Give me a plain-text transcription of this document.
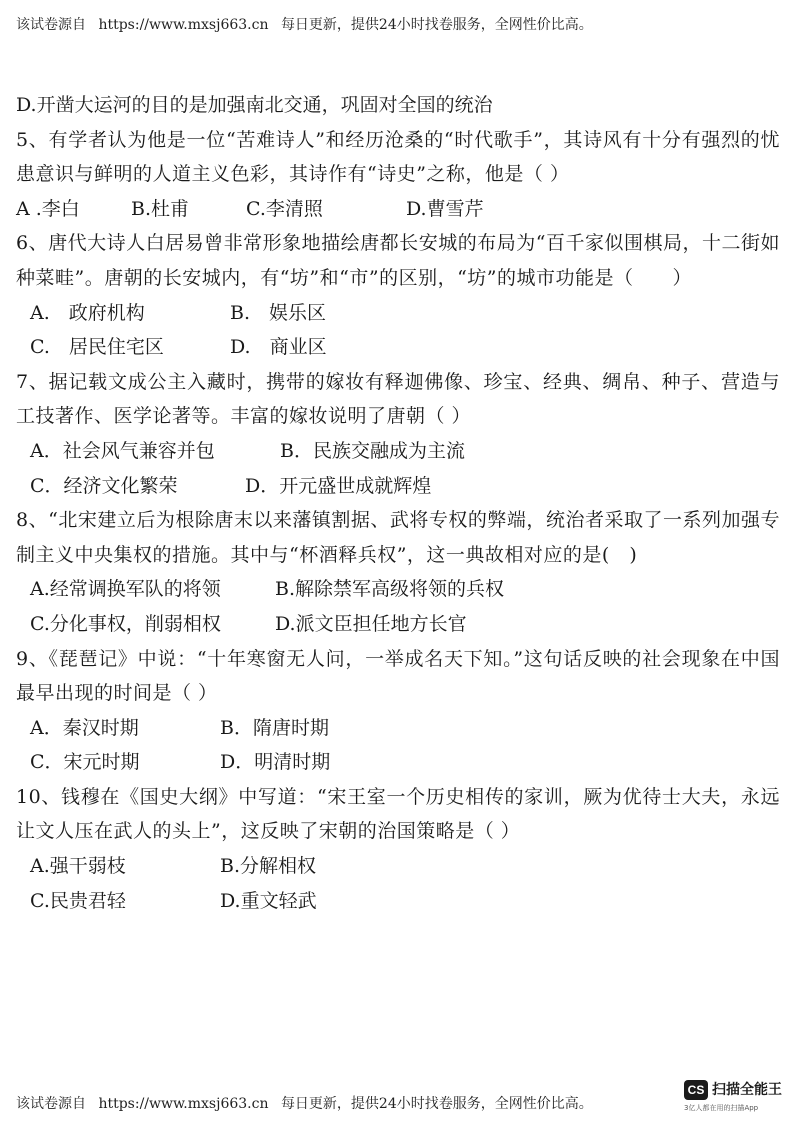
该试卷源自 https://www.mxsj663.cn 每日更新，提供24小时找卷服务，全网性价比高。
D.开凿大运河的目的是加强南北交通，巩固对全国的统治
5、有学者认为他是一位“苦难诗人”和经历沧桑的“时代歌手”，其诗风有十分有强烈的忧患意识与鲜明的人道主义色彩，其诗作有“诗史”之称，他是（ ）
A .李白	B.杜甫	C.李清照	D.曹雪芹
6、唐代大诗人白居易曾非常形象地描绘唐都长安城的布局为“百千家似围棋局，十二街如种菜畦”。唐朝的长安城内，有“坊”和“市”的区别，“坊”的城市功能是（　　）
A.　政府机构	B.　娱乐区
C.　居民住宅区	D.　商业区
7、据记载文成公主入藏时，携带的嫁妆有释迦佛像、珍宝、经典、绸帛、种子、营造与工技著作、医学论著等。丰富的嫁妆说明了唐朝（ ）
A．社会风气兼容并包	B．民族交融成为主流
C．经济文化繁荣	D．开元盛世成就辉煌
8、“北宋建立后为根除唐末以来藩镇割据、武将专权的弊端，统治者采取了一系列加强专制主义中央集权的措施。其中与“杯酒释兵权”，这一典故相对应的是(　)
A.经常调换军队的将领	B.解除禁军高级将领的兵权
C.分化事权，削弱相权	D.派文臣担任地方长官
9、《琵琶记》中说：“十年寒窗无人问，一举成名天下知。”这句话反映的社会现象在中国最早出现的时间是（ ）
A．秦汉时期	B．隋唐时期
C．宋元时期	D．明清时期
10、钱穆在《国史大纲》中写道：“宋王室一个历史相传的家训，厥为优待士大夫，永远让文人压在武人的头上”，这反映了宋朝的治国策略是（ ）
A.强干弱枝	B.分解相权
C.民贵君轻	D.重文轻武
该试卷源自 https://www.mxsj663.cn 每日更新，提供24小时找卷服务，全网性价比高。
CS 扫描全能王
3亿人都在用的扫描App
